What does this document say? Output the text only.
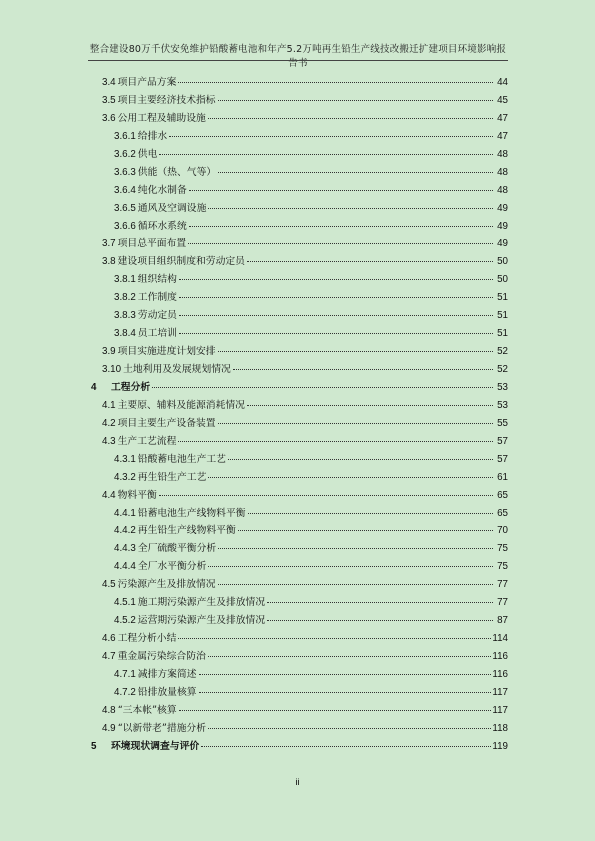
整合建设80万千伏安免维护铅酸蓄电池和年产5.2万吨再生铅生产线技改搬迁扩建项目环境影响报告书
3.4 项目产品方案	44
3.5 项目主要经济技术指标	45
3.6 公用工程及辅助设施	47
3.6.1 给排水	47
3.6.2 供电	48
3.6.3 供能（热、气等）	48
3.6.4 纯化水制备	48
3.6.5 通风及空调设施	49
3.6.6 循环水系统	49
3.7 项目总平面布置	49
3.8 建设项目组织制度和劳动定员	50
3.8.1 组织结构	50
3.8.2 工作制度	51
3.8.3 劳动定员	51
3.8.4 员工培训	51
3.9 项目实施进度计划安排	52
3.10 土地利用及发展规划情况	52
4	工程分析	53
4.1 主要原、辅料及能源消耗情况	53
4.2 项目主要生产设备装置	55
4.3 生产工艺流程	57
4.3.1 铅酸蓄电池生产工艺	57
4.3.2 再生铅生产工艺	61
4.4 物料平衡	65
4.4.1 铅蓄电池生产线物料平衡	65
4.4.2 再生铅生产线物料平衡	70
4.4.3 全厂硫酸平衡分析	75
4.4.4 全厂水平衡分析	75
4.5 污染源产生及排放情况	77
4.5.1 施工期污染源产生及排放情况	77
4.5.2 运营期污染源产生及排放情况	87
4.6 工程分析小结	114
4.7 重金属污染综合防治	116
4.7.1 减排方案简述	116
4.7.2 铅排放量核算	117
4.8 “三本帐”核算	117
4.9 “以新带老”措施分析	118
5	环境现状调查与评价	119
ii
